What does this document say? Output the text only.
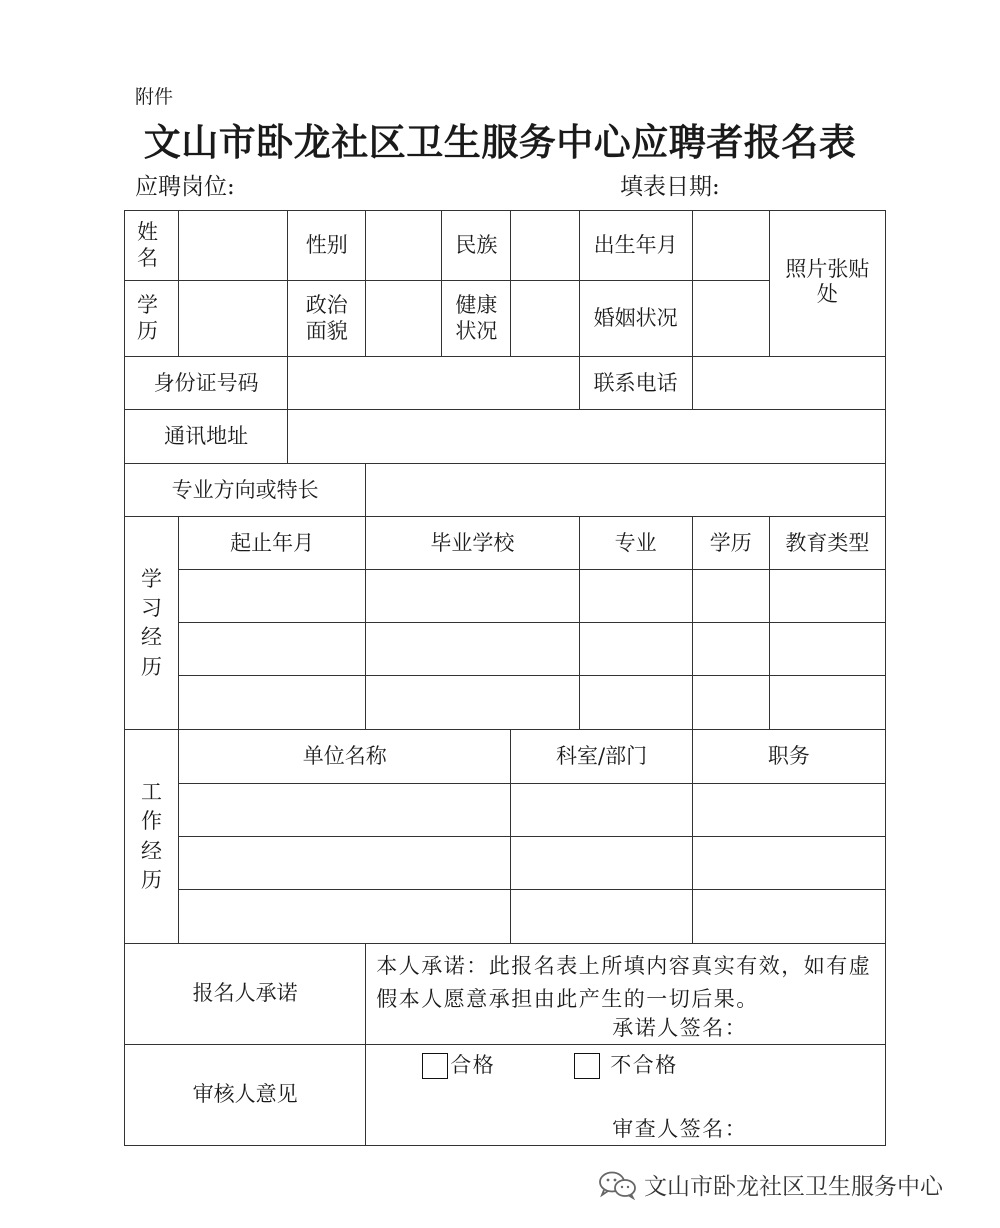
附件
文山市卧龙社区卫生服务中心应聘者报名表
应聘岗位:	填表日期:
姓名		性别		民族		出生年月		照片张贴处
学历		政治面貌		健康状况		婚姻状况		
身份证号码						联系电话		
通讯地址								
专业方向或特长								
学习经历	起止年月		毕业学校			专业	学历	教育类型

工作经历	单位名称				科室/部门		职务	

报名人承诺			本人承诺：此报名表上所填内容真实有效，如有虚假本人愿意承担由此产生的一切后果。
承诺人签名：					

审核人意见			合格 不合格
审查人签名：					
文山市卧龙社区卫生服务中心
